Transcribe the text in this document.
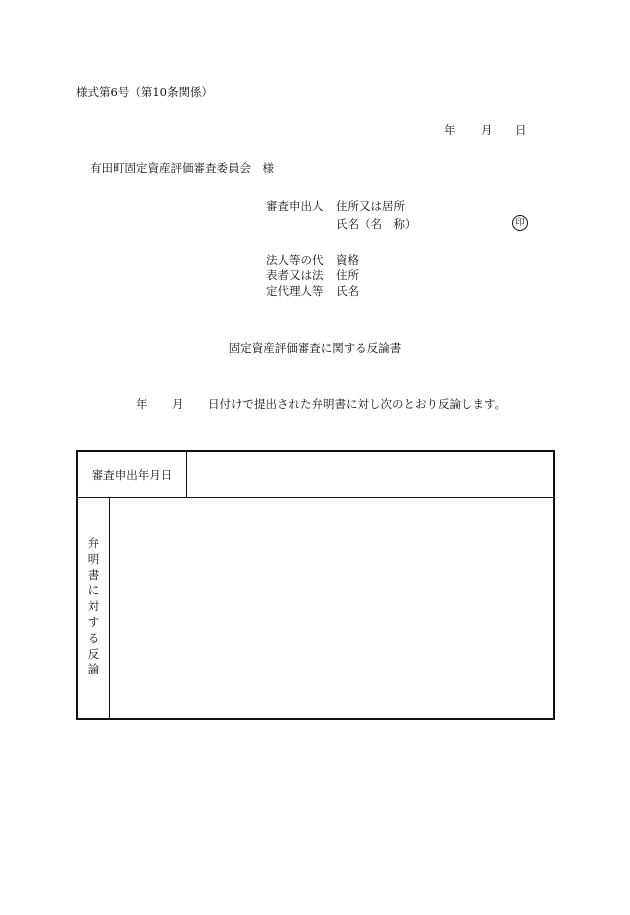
様式第6号（第10条関係）
年 月 日
有田町固定資産評価審査委員会　様
審査申出人 住所又は居所
氏名（名　称）	印
法人等の代
表者又は法
定代理人等
資格
住所
氏名
固定資産評価審査に関する反論書
年 月 日付けで提出された弁明書に対し次のとおり反論します。
審査申出年月日
弁
明
書
に
対
す
る
反
論
